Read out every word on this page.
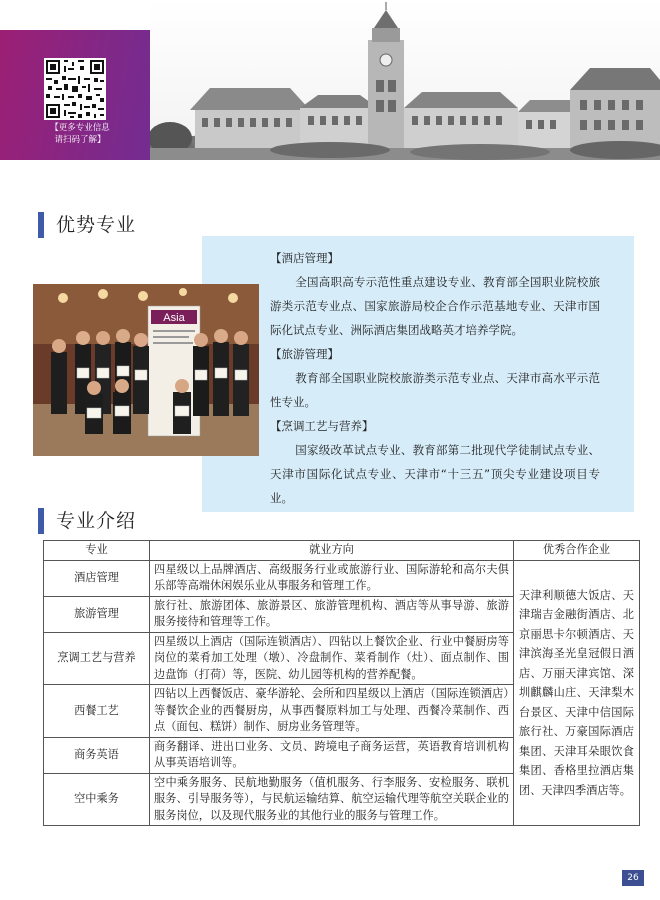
【更多专业信息
请扫码了解】
优势专业
Asia
【酒店管理】
全国高职高专示范性重点建设专业、教育部全国职业院校旅游类示范专业点、国家旅游局校企合作示范基地专业、天津市国际化试点专业、洲际酒店集团战略英才培养学院。
【旅游管理】
教育部全国职业院校旅游类示范专业点、天津市高水平示范性专业。
【烹调工艺与营养】
国家级改革试点专业、教育部第二批现代学徒制试点专业、天津市国际化试点专业、天津市“十三五”顶尖专业建设项目专业。
专业介绍
专业	就业方向	优秀合作企业
酒店管理	四星级以上品牌酒店、高级服务行业或旅游行业、国际游轮和高尔夫俱乐部等高端休闲娱乐业从事服务和管理工作。	天津利顺德大饭店、天津瑞吉金融街酒店、北京丽思卡尔顿酒店、天津滨海圣光皇冠假日酒店、万丽天津宾馆、深圳麒麟山庄、天津梨木台景区、天津中信国际旅行社、万豪国际酒店集团、天津耳朵眼饮食集团、香格里拉酒店集团、天津四季酒店等。
旅游管理	旅行社、旅游团体、旅游景区、旅游管理机构、酒店等从事导游、旅游服务接待和管理等工作。	
烹调工艺与营养	四星级以上酒店（国际连锁酒店）、四钻以上餐饮企业、行业中餐厨房等岗位的菜肴加工处理（墩）、冷盘制作、菜肴制作（灶）、面点制作、围边盘饰（打荷）等，医院、幼儿园等机构的营养配餐。	
西餐工艺	四钻以上西餐饭店、豪华游轮、会所和四星级以上酒店（国际连锁酒店）等餐饮企业的西餐厨房，从事西餐原料加工与处理、西餐冷菜制作、西点（面包、糕饼）制作、厨房业务管理等。	
商务英语	商务翻译、进出口业务、文员、跨境电子商务运营，英语教育培训机构从事英语培训等。	
空中乘务	空中乘务服务、民航地勤服务（值机服务、行李服务、安检服务、联机服务、引导服务等），与民航运输结算、航空运输代理等航空关联企业的服务岗位，以及现代服务业的其他行业的服务与管理工作。	
26
